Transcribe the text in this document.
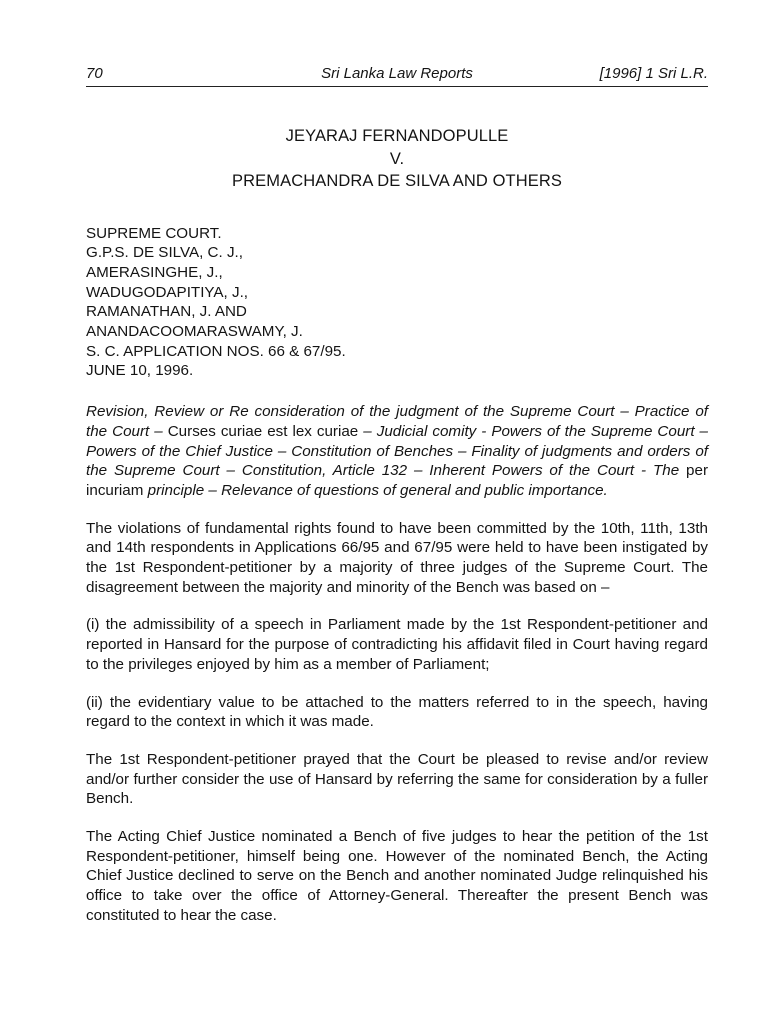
70	Sri Lanka Law Reports	[1996] 1 Sri L.R.
JEYARAJ FERNANDOPULLE
V.
PREMACHANDRA DE SILVA AND OTHERS
SUPREME COURT.
G.P.S. DE SILVA, C. J.,
AMERASINGHE, J.,
WADUGODAPITIYA, J.,
RAMANATHAN, J. AND
ANANDACOOMARASWAMY, J.
S. C. APPLICATION NOS. 66 & 67/95.
JUNE 10, 1996.

Revision, Review or Re consideration of the judgment of the Supreme Court – Practice of the Court – Curses curiae est lex curiae – Judicial comity - Powers of the Supreme Court – Powers of the Chief Justice – Constitution of Benches – Finality of judgments and orders of the Supreme Court – Constitution, Article 132 – Inherent Powers of the Court - The per incuriam principle – Relevance of questions of general and public importance.

The violations of fundamental rights found to have been committed by the 10th, 11th, 13th and 14th respondents in Applications 66/95 and 67/95 were held to have been instigated by the 1st Respondent-petitioner by a majority of three judges of the Supreme Court. The disagreement between the majority and minority of the Bench was based on –

(i) the admissibility of a speech in Parliament made by the 1st Respondent-petitioner and reported in Hansard for the purpose of contradicting his affidavit filed in Court having regard to the privileges enjoyed by him as a member of Parliament;

(ii) the evidentiary value to be attached to the matters referred to in the speech, having regard to the context in which it was made.

The 1st Respondent-petitioner prayed that the Court be pleased to revise and/or review and/or further consider the use of Hansard by referring the same for consideration by a fuller Bench.

The Acting Chief Justice nominated a Bench of five judges to hear the petition of the 1st Respondent-petitioner, himself being one. However of the nominated Bench, the Acting Chief Justice declined to serve on the Bench and another nominated Judge relinquished his office to take over the office of Attorney-General. Thereafter the present Bench was constituted to hear the case.
